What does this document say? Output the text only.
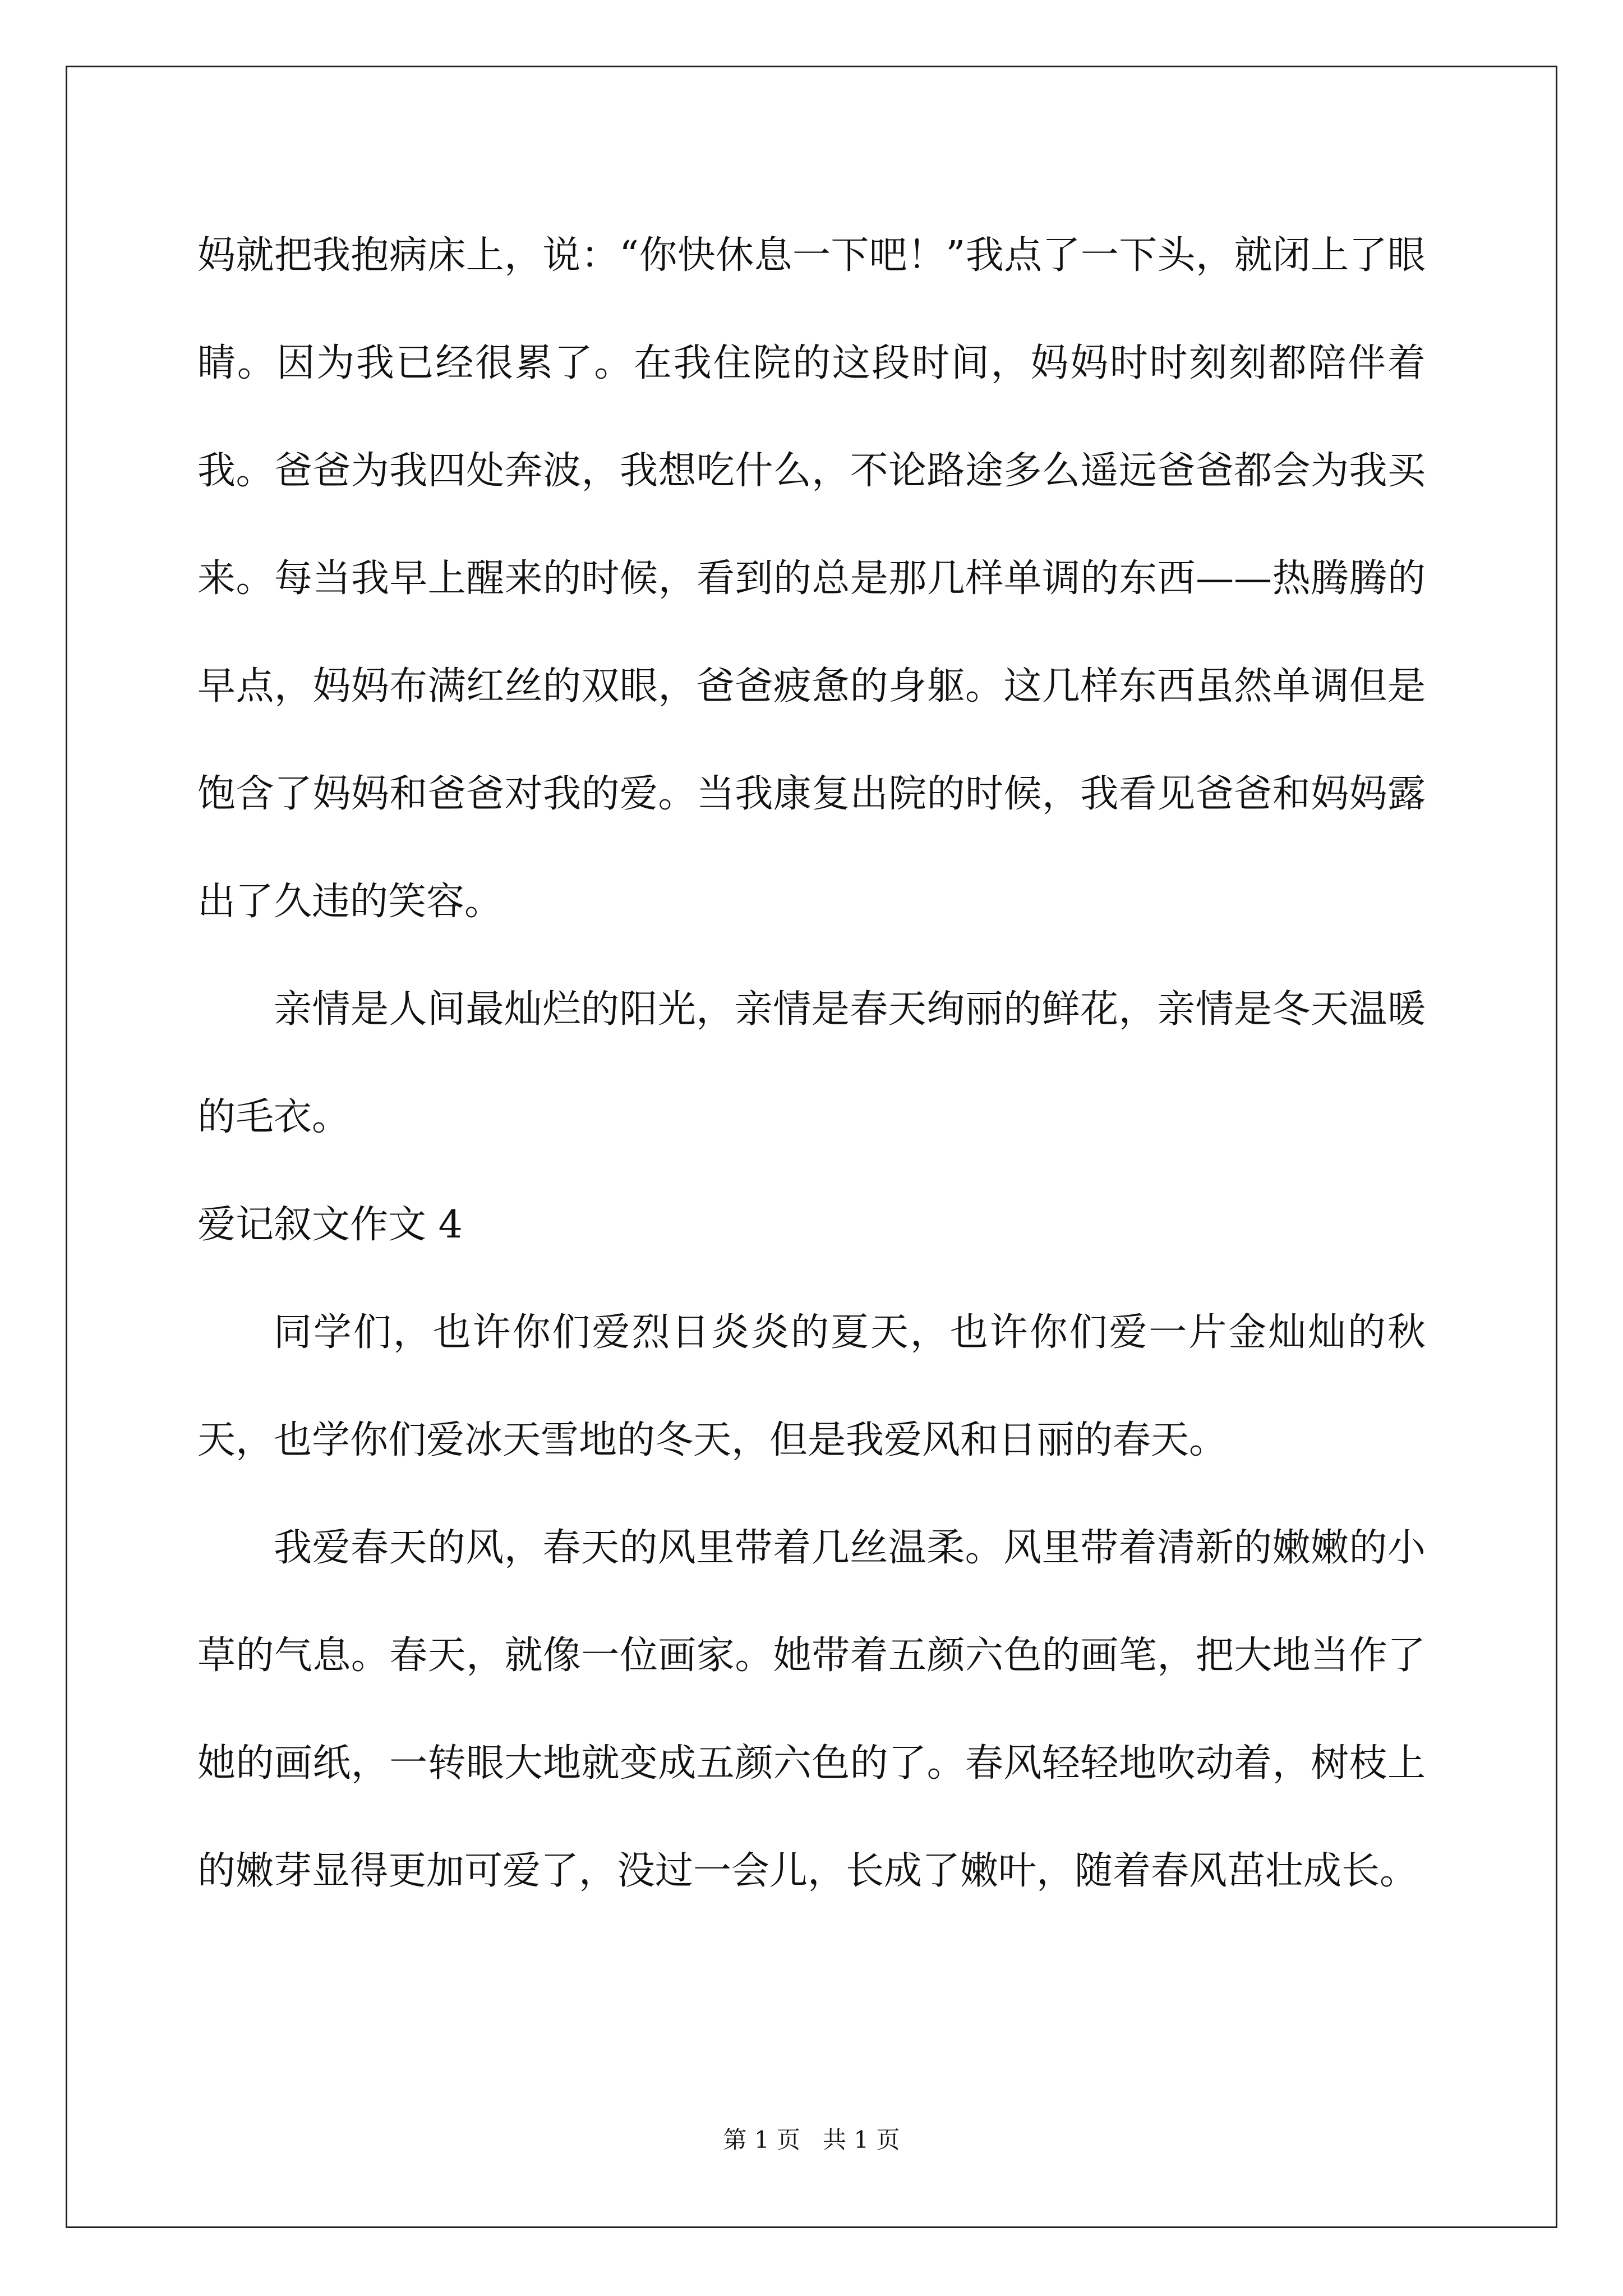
妈就把我抱病床上，说：“你快休息一下吧！”我点了一下头，就闭上了眼睛。因为我已经很累了。在我住院的这段时间，妈妈时时刻刻都陪伴着我。爸爸为我四处奔波，我想吃什么，不论路途多么遥远爸爸都会为我买来。每当我早上醒来的时候，看到的总是那几样单调的东西——热腾腾的早点，妈妈布满红丝的双眼，爸爸疲惫的身躯。这几样东西虽然单调但是饱含了妈妈和爸爸对我的爱。当我康复出院的时候，我看见爸爸和妈妈露出了久违的笑容。

亲情是人间最灿烂的阳光，亲情是春天绚丽的鲜花，亲情是冬天温暖的毛衣。

爱记叙文作文 4

同学们，也许你们爱烈日炎炎的夏天，也许你们爱一片金灿灿的秋天，也学你们爱冰天雪地的冬天，但是我爱风和日丽的春天。

我爱春天的风，春天的风里带着几丝温柔。风里带着清新的嫩嫩的小草的气息。春天，就像一位画家。她带着五颜六色的画笔，把大地当作了她的画纸，一转眼大地就变成五颜六色的了。春风轻轻地吹动着，树枝上的嫩芽显得更加可爱了，没过一会儿，长成了嫩叶，随着春风茁壮成长。

第 1 页 共 1 页
